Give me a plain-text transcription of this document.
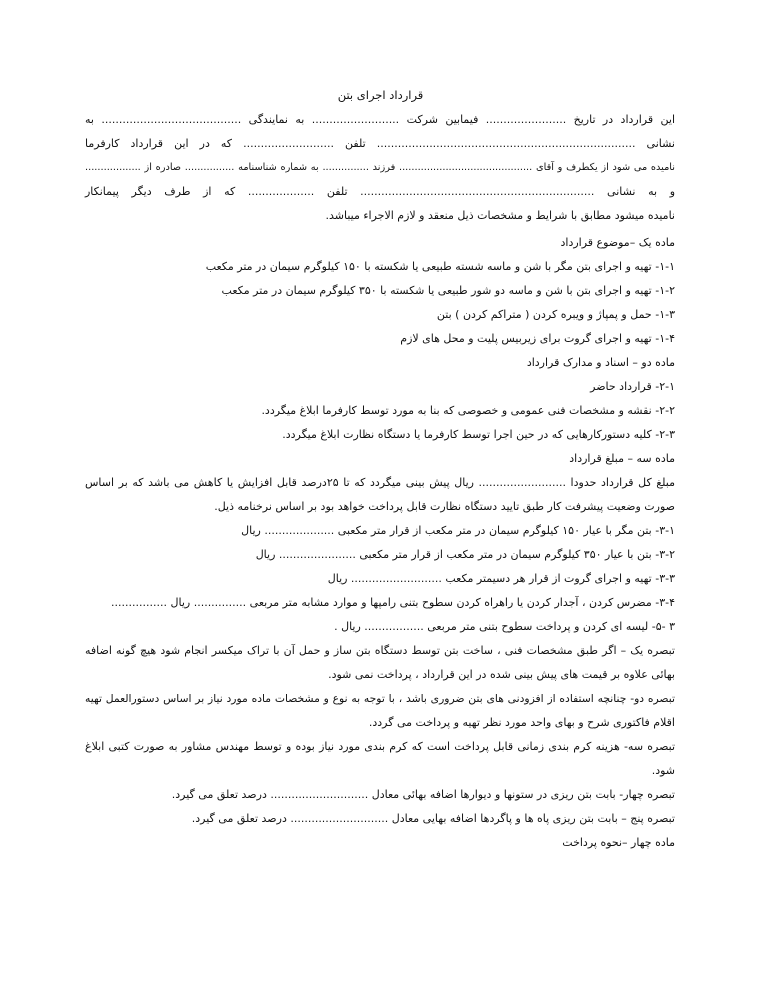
قرارداد اجرای بتن
این قرارداد در تاریخ ....................... فیمابین شرکت ......................... به نمایندگی ........................................ به
نشانی .......................................................................... تلفن .......................... که در این قرارداد کارفرما
نامیده می شود از یکطرف و آقای ........................................... فرزند ............... به شماره شناسنامه ................ صادره از ..................
و به نشانی ................................................................... تلفن ................... که از طرف دیگر پیمانکار
نامیده میشود مطابق با شرایط و مشخصات ذیل منعقد و لازم الاجراء میباشد.
ماده یک –موضوع قرارداد
۱-۱- تهیه و اجرای بتن مگر با شن و ماسه شسته طبیعی یا شکسته با ۱۵۰ کیلوگرم سیمان در متر مکعب
۱-۲- تهیه و اجرای بتن با شن و ماسه دو شور طبیعی یا شکسته با ۳۵۰ کیلوگرم سیمان در متر مکعب
۱-۳- حمل و پمپاژ و ویبره کردن ( متراکم کردن ) بتن
۱-۴- تهیه و اجرای گروت برای زیربیس پلیت و محل های لازم
ماده دو – اسناد و مدارک قرارداد
۲-۱- قرارداد حاضر
۲-۲- نقشه و مشخصات فنی عمومی و خصوصی که بنا به مورد توسط کارفرما ابلاغ میگردد.
۲-۳- کلیه دستورکارهایی که در حین اجرا توسط کارفرما یا دستگاه نظارت ابلاغ میگردد.
ماده سه – مبلغ قرارداد
مبلغ کل قرارداد حدودا ......................... ریال پیش بینی میگردد که تا ۲۵درصد قابل افزایش یا کاهش می باشد که بر اساس
صورت وضعیت پیشرفت کار طبق تایید دستگاه نظارت قابل پرداخت خواهد بود بر اساس نرخنامه ذیل.
۳-۱- بتن مگر با عیار ۱۵۰ کیلوگرم سیمان در متر مکعب از قرار متر مکعبی .................... ریال
۳-۲- بتن با عیار ۳۵۰ کیلوگرم سیمان در متر مکعب از قرار متر مکعبی ...................... ریال
۳-۳- تهیه و اجرای گروت از قرار هر دسیمتر مکعب .......................... ریال
۳-۴- مضرس کردن ، آجدار کردن یا راهراه کردن سطوح بتنی رامپها و موارد مشابه متر مربعی ............... ریال ................
۳ -۵- لیسه ای کردن و پرداخت سطوح بتنی متر مربعی ................. ریال .
تبصره یک – اگر طبق مشخصات فنی ، ساخت بتن توسط دستگاه بتن ساز و حمل آن با تراک میکسر انجام شود هیچ گونه اضافه
بهائی علاوه بر قیمت های پیش بینی شده در این قرارداد ، پرداخت نمی شود.
تبصره دو- چنانچه استفاده از افزودنی های بتن ضروری باشد ، با توجه به نوع و مشخصات ماده مورد نیاز بر اساس دستورالعمل تهیه
اقلام فاکتوری شرح و بهای واحد مورد نظر تهیه و پرداخت می گردد.
تبصره سه- هزینه کرم بندی زمانی قابل پرداخت است که کرم بندی مورد نیاز بوده و توسط مهندس مشاور به صورت کتبی ابلاغ
شود.
تبصره چهار- بابت بتن ریزی در ستونها و دیوارها اضافه بهائی معادل ............................ درصد تعلق می گیرد.
تبصره پنج – بابت بتن ریزی پاه ها و پاگردها اضافه بهایی معادل ............................ درصد تعلق می گیرد.
ماده چهار –نحوه پرداخت
